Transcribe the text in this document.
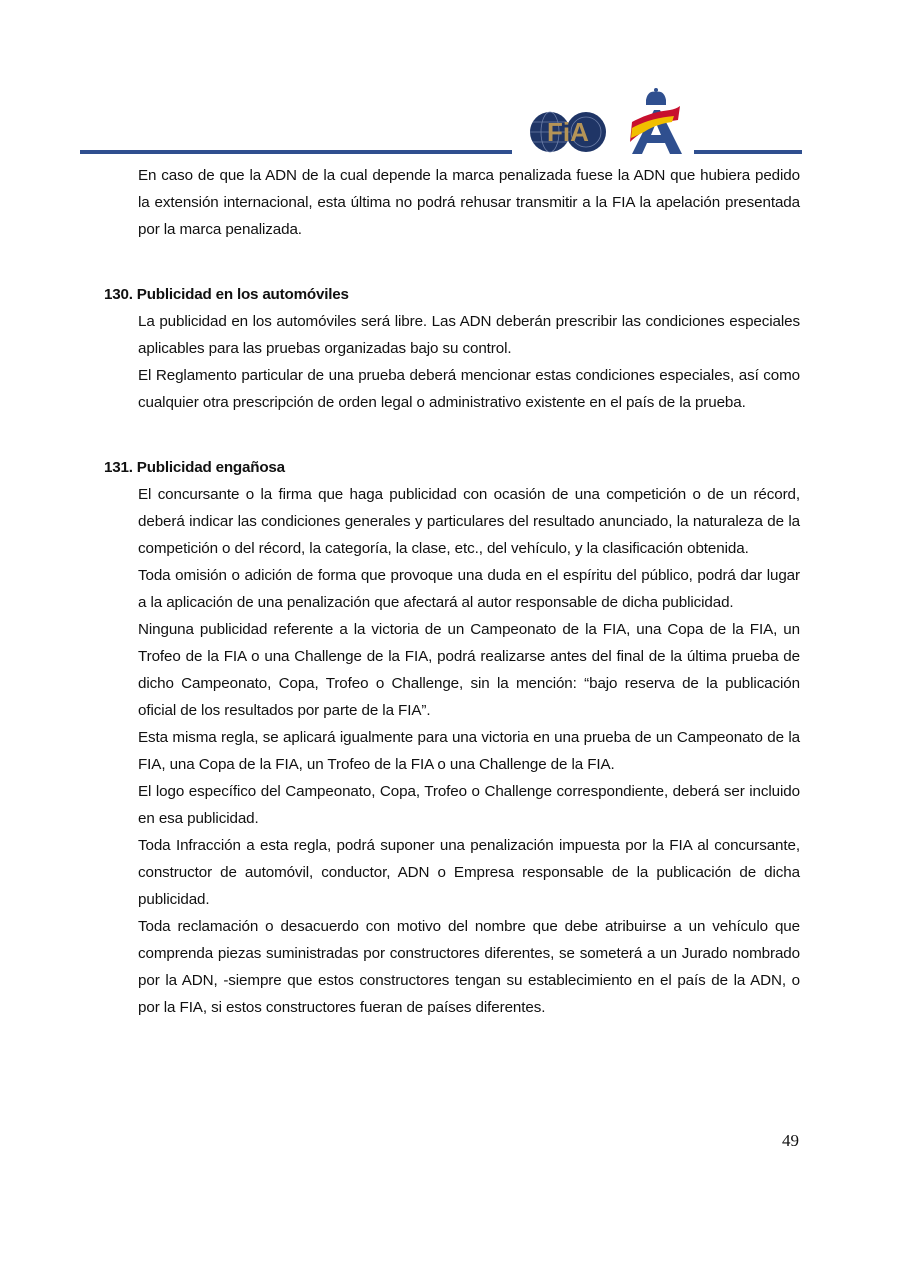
FiA

En caso de que la ADN de la cual depende la marca penalizada fuese la ADN que hubiera pedido la extensión internacional, esta última no podrá rehusar transmitir a la FIA la apelación presentada por la marca penalizada.

130. Publicidad en los automóviles

La publicidad en los automóviles será libre. Las ADN deberán prescribir las condiciones especiales aplicables para las pruebas organizadas bajo su control.

El Reglamento particular de una prueba deberá mencionar estas condiciones especiales, así como cualquier otra prescripción de orden legal o administrativo existente en el país de la prueba.

131. Publicidad engañosa

El concursante o la firma que haga publicidad con ocasión de una competición o de un récord, deberá indicar las condiciones generales y particulares del resultado anunciado, la naturaleza de la competición o del récord, la categoría, la clase, etc., del vehículo, y la clasificación obtenida.

Toda omisión o adición de forma que provoque una duda en el espíritu del público, podrá dar lugar a la aplicación de una penalización que afectará al autor responsable de dicha publicidad.

Ninguna publicidad referente a la victoria de un Campeonato de la FIA, una Copa de la FIA, un Trofeo de la FIA o una Challenge de la FIA, podrá realizarse antes del final de la última prueba de dicho Campeonato, Copa, Trofeo o Challenge, sin la mención: “bajo reserva de la publicación oficial de los resultados por parte de la FIA”.

Esta misma regla, se aplicará igualmente para una victoria en una prueba de un Campeonato de la FIA, una Copa de la FIA, un Trofeo de la FIA o una Challenge de la FIA.

El logo específico del Campeonato, Copa, Trofeo o Challenge correspondiente, deberá ser incluido en esa publicidad.

Toda Infracción a esta regla, podrá suponer una penalización impuesta por la FIA al concursante, constructor de automóvil, conductor, ADN o Empresa responsable de la publicación de dicha publicidad.

Toda reclamación o desacuerdo con motivo del nombre que debe atribuirse a un vehículo que comprenda piezas suministradas por constructores diferentes, se someterá a un Jurado nombrado por la ADN, -siempre que estos constructores tengan su establecimiento en el país de la ADN, o por la FIA, si estos constructores fueran de países diferentes.

49
